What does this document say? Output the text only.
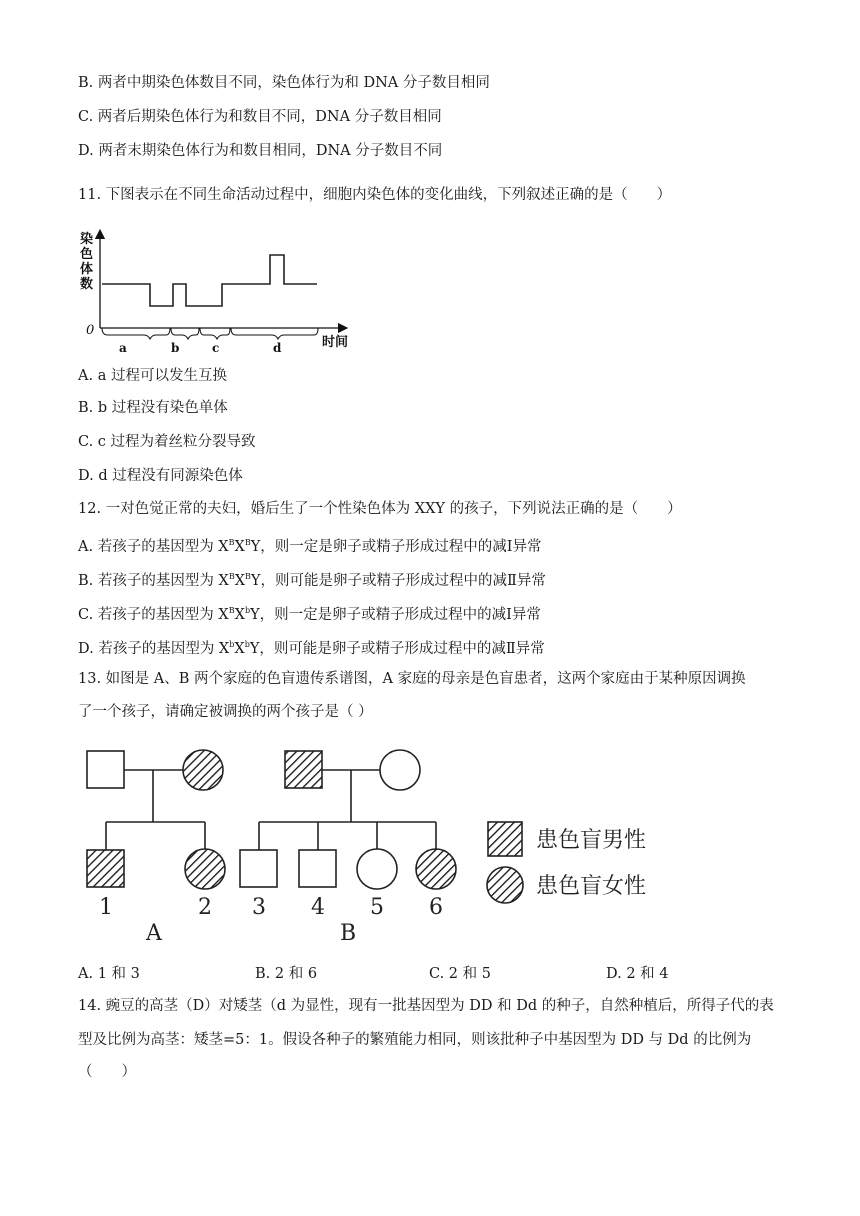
B. 两者中期染色体数目不同，染色体行为和 DNA 分子数目相同
C. 两者后期染色体行为和数目不同，DNA 分子数目相同
D. 两者末期染色体行为和数目相同，DNA 分子数目不同
11. 下图表示在不同生命活动过程中，细胞内染色体的变化曲线，下列叙述正确的是（　　）
染
色
体
数
0
时间
a	b	c	d
A. a 过程可以发生互换
B. b 过程没有染色单体
C. c 过程为着丝粒分裂导致
D. d 过程没有同源染色体
12. 一对色觉正常的夫妇，婚后生了一个性染色体为 XXY 的孩子，下列说法正确的是（　　）
A. 若孩子的基因型为 $X^BX^BY$，则一定是卵子或精子形成过程中的减Ⅰ异常
B. 若孩子的基因型为 $X^BX^BY$，则可能是卵子或精子形成过程中的减Ⅱ异常
C. 若孩子的基因型为 $X^BX^bY$，则一定是卵子或精子形成过程中的减Ⅰ异常
D. 若孩子的基因型为 $X^bX^bY$，则可能是卵子或精子形成过程中的减Ⅱ异常
13. 如图是 A、B 两个家庭的色盲遗传系谱图，A 家庭的母亲是色盲患者，这两个家庭由于某种原因调换
了一个孩子，请确定被调换的两个孩子是（ ）
1	2 3 4 5 6
A	B
患色盲男性
患色盲女性
A. 1 和 3	B. 2 和 6	C. 2 和 5	D. 2 和 4
14. 豌豆的高茎（D）对矮茎（d 为显性，现有一批基因型为 DD 和 Dd 的种子，自然种植后，所得子代的表
型及比例为高茎：矮茎=5：1。假设各种子的繁殖能力相同，则该批种子中基因型为 DD 与 Dd 的比例为
（　　）
